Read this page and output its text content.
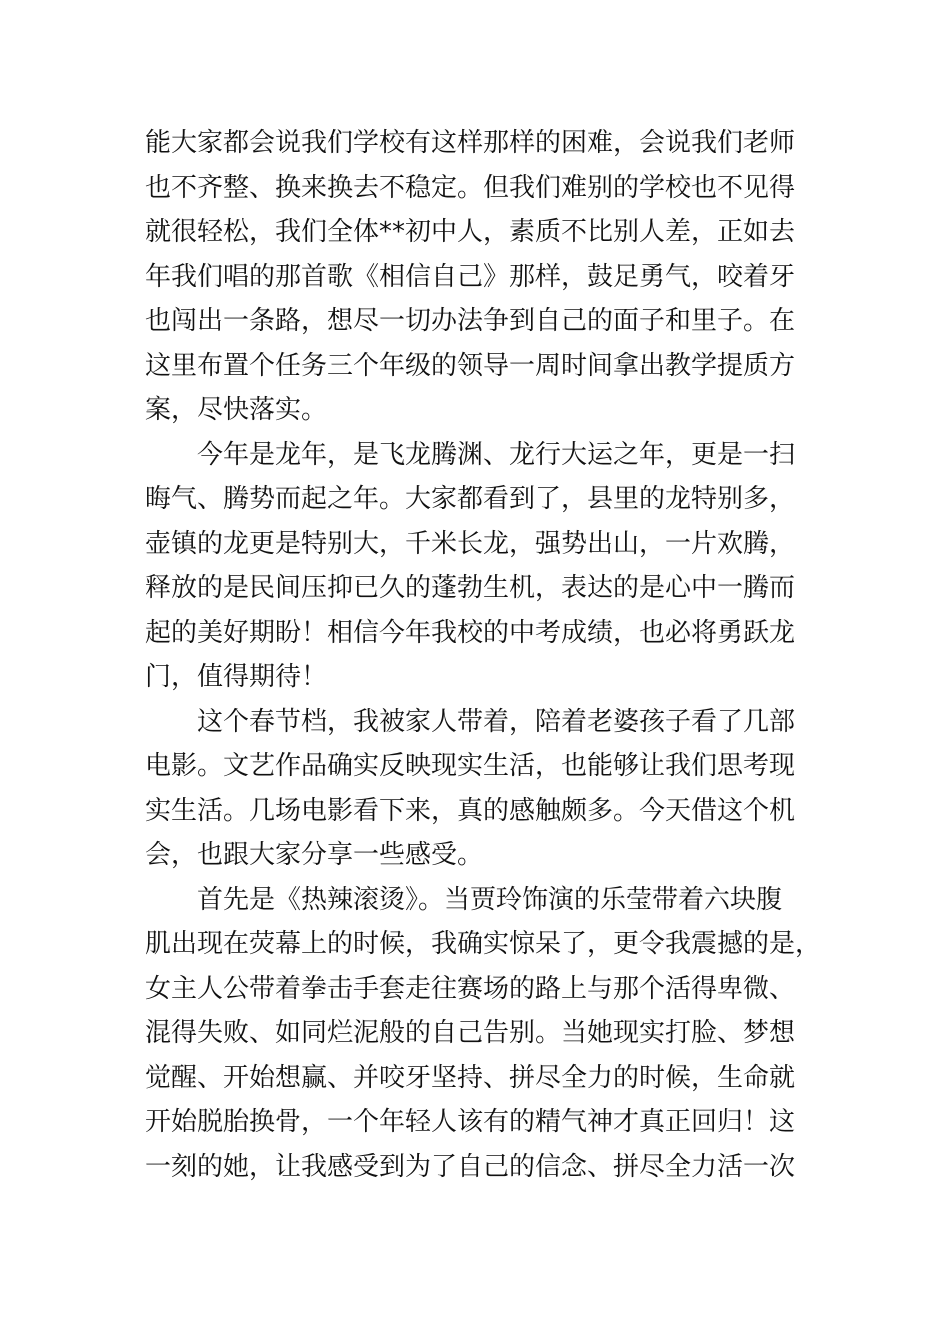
能大家都会说我们学校有这样那样的困难，会说我们老师
也不齐整、换来换去不稳定。但我们难别的学校也不见得
就很轻松，我们全体**初中人，素质不比别人差，正如去
年我们唱的那首歌《相信自己》那样，鼓足勇气，咬着牙
也闯出一条路，想尽一切办法争到自己的面子和里子。在
这里布置个任务三个年级的领导一周时间拿出教学提质方
案，尽快落实。
今年是龙年，是飞龙腾渊、龙行大运之年，更是一扫
晦气、腾势而起之年。大家都看到了，县里的龙特别多，
壶镇的龙更是特别大，千米长龙，强势出山，一片欢腾，
释放的是民间压抑已久的蓬勃生机，表达的是心中一腾而
起的美好期盼！相信今年我校的中考成绩，也必将勇跃龙
门，值得期待！
这个春节档，我被家人带着，陪着老婆孩子看了几部
电影。文艺作品确实反映现实生活，也能够让我们思考现
实生活。几场电影看下来，真的感触颇多。今天借这个机
会，也跟大家分享一些感受。
首先是《热辣滚烫》。当贾玲饰演的乐莹带着六块腹
肌出现在荧幕上的时候，我确实惊呆了，更令我震撼的是，
女主人公带着拳击手套走往赛场的路上与那个活得卑微、
混得失败、如同烂泥般的自己告别。当她现实打脸、梦想
觉醒、开始想赢、并咬牙坚持、拼尽全力的时候，生命就
开始脱胎换骨，一个年轻人该有的精气神才真正回归！这
一刻的她，让我感受到为了自己的信念、拼尽全力活一次
